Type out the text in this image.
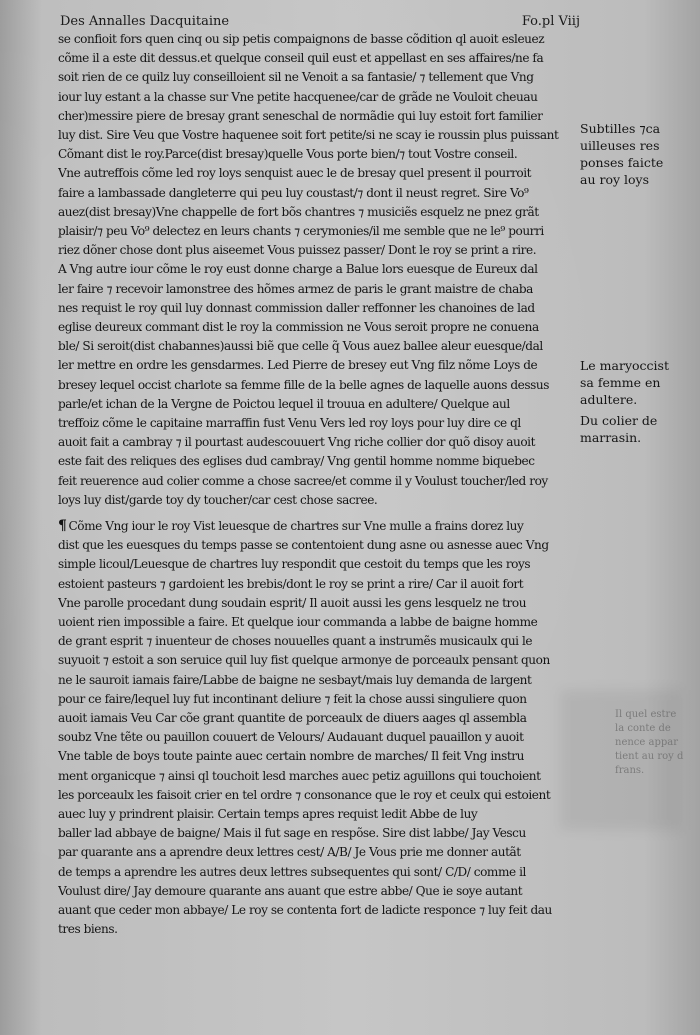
Des Annalles Dacquitaine	Fo.pl Viij
se confioit fors quen cinq ou sip petis compaignons de basse cõdition ql auoit esleuez
cõme il a este dit dessus.et quelque conseil quil eust et appellast en ses affaires/ne fa
soit rien de ce quilz luy conseilloient sil ne Venoit a sa fantasie/ ⁊ tellement que Vng
iour luy estant a la chasse sur Vne petite hacquenee/car de grãde ne Vouloit cheuau
cher)messire piere de bresay grant seneschal de normãdie qui luy estoit fort familier
luy dist. Sire Veu que Vostre haquenee soit fort petite/si ne scay ie roussin plus puissant
Cõmant dist le roy.Parce(dist bresay)quelle Vous porte bien/⁊ tout Vostre conseil.
Vne autreffois cõme led roy loys senquist auec le de bresay quel present il pourroit
faire a lambassade dangleterre qui peu luy coustast/⁊ dont il neust regret. Sire Vo⁹
auez(dist bresay)Vne chappelle de fort bõs chantres ⁊ musiciẽs esquelz ne pnez grãt
plaisir/⁊ peu Vo⁹ delectez en leurs chants ⁊ cerymonies/il me semble que ne le⁹ pourri
riez dõner chose dont plus aiseemet Vous puissez passer/ Dont le roy se print a rire.
A Vng autre iour cõme le roy eust donne charge a Balue lors euesque de Eureux dal
ler faire ⁊ recevoir lamonstree des hõmes armez de paris le grant maistre de chaba
nes requist le roy quil luy donnast commission daller reffonner les chanoines de lad
eglise deureux commant dist le roy la commission ne Vous seroit propre ne conuena
ble/ Si seroit(dist chabannes)aussi biẽ que celle q̃ Vous auez ballee aleur euesque/dal
ler mettre en ordre les gensdarmes. Led Pierre de bresey eut Vng filz nõme Loys de
bresey lequel occist charlote sa femme fille de la belle agnes de laquelle auons dessus
parle/et ichan de la Vergne de Poictou lequel il trouua en adultere/ Quelque aul
treffoiz cõme le capitaine marraffin fust Venu Vers led roy loys pour luy dire ce ql
auoit fait a cambray ⁊ il pourtast audescouuert Vng riche collier dor quõ disoy auoit
este fait des reliques des eglises dud cambray/ Vng gentil homme nomme biquebec
feit reuerence aud colier comme a chose sacree/et comme il y Voulust toucher/led roy
loys luy dist/garde toy dy toucher/car cest chose sacree.
¶ Cõme Vng iour le roy Vist leuesque de chartres sur Vne mulle a frains dorez luy
dist que les euesques du temps passe se contentoient dung asne ou asnesse auec Vng
simple licoul/Leuesque de chartres luy respondit que cestoit du temps que les roys
estoient pasteurs ⁊ gardoient les brebis/dont le roy se print a rire/ Car il auoit fort
Vne parolle procedant dung soudain esprit/ Il auoit aussi les gens lesquelz ne trou
uoient rien impossible a faire. Et quelque iour commanda a labbe de baigne homme
de grant esprit ⁊ inuenteur de choses nouuelles quant a instrumẽs musicaulx qui le
suyuoit ⁊ estoit a son seruice quil luy fist quelque armonye de porceaulx pensant quon
ne le sauroit iamais faire/Labbe de baigne ne sesbayt/mais luy demanda de largent
pour ce faire/lequel luy fut incontinant deliure ⁊ feit la chose aussi singuliere quon
auoit iamais Veu Car cõe grant quantite de porceaulx de diuers aages ql assembla
soubz Vne tẽte ou pauillon couuert de Velours/ Audauant duquel pauaillon y auoit
Vne table de boys toute painte auec certain nombre de marches/ Il feit Vng instru
ment organicque ⁊ ainsi ql touchoit lesd marches auec petiz aguillons qui touchoient
les porceaulx les faisoit crier en tel ordre ⁊ consonance que le roy et ceulx qui estoient
auec luy y prindrent plaisir. Certain temps apres requist ledit Abbe de luy
baller lad abbaye de baigne/ Mais il fut sage en respõse. Sire dist labbe/ Jay Vescu
par quarante ans a aprendre deux lettres cest/ A/B/ Je Vous prie me donner autãt
de temps a aprendre les autres deux lettres subsequentes qui sont/ C/D/ comme il
Voulust dire/ Jay demoure quarante ans auant que estre abbe/ Que ie soye autant
auant que ceder mon abbaye/ Le roy se contenta fort de ladicte responce ⁊ luy feit dau
tres biens.
Subtilles ⁊ca
uilleuses res
ponses faicte
au roy loys
Le maryoccist
sa femme en
adultere.
Du colier de
marrasin.
Il quel estre
la conte de
nence appar
tient au roy d
frans.
